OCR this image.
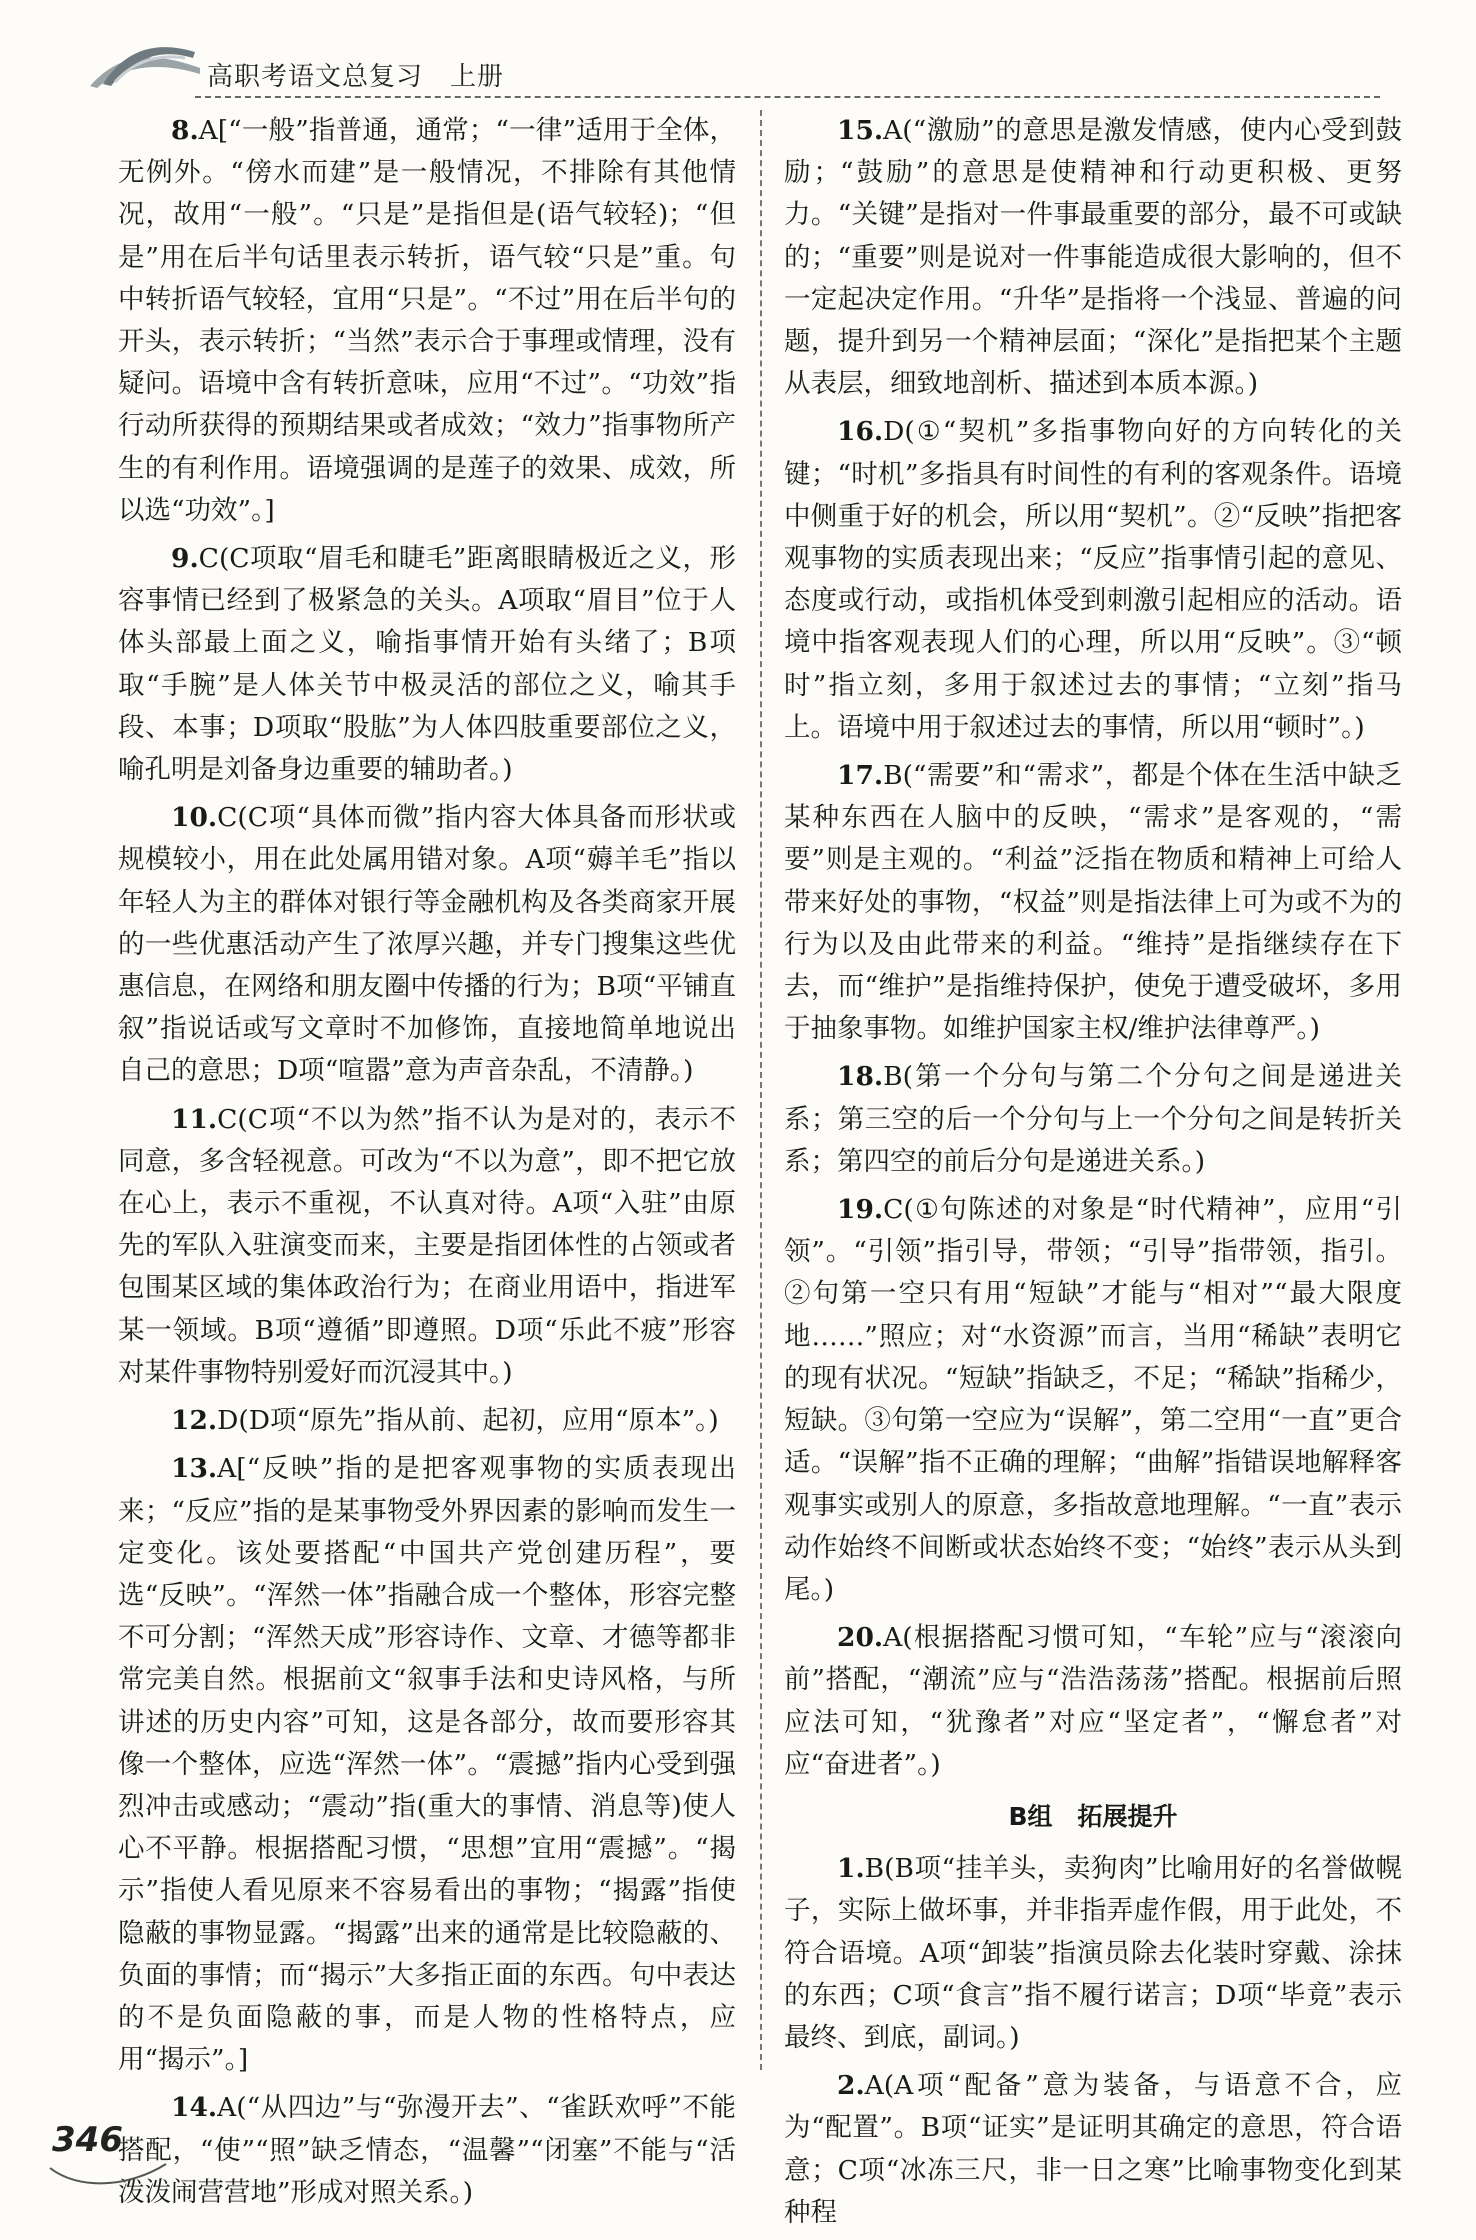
高职考语文总复习　上册

8.A[“一般”指普通，通常；“一律”适用于全体，无例外。“傍水而建”是一般情况，不排除有其他情况，故用“一般”。“只是”是指但是(语气较轻)；“但是”用在后半句话里表示转折，语气较“只是”重。句中转折语气较轻，宜用“只是”。“不过”用在后半句的开头，表示转折；“当然”表示合于事理或情理，没有疑问。语境中含有转折意味，应用“不过”。“功效”指行动所获得的预期结果或者成效；“效力”指事物所产生的有利作用。语境强调的是莲子的效果、成效，所以选“功效”。]

9.C(C项取“眉毛和睫毛”距离眼睛极近之义，形容事情已经到了极紧急的关头。A项取“眉目”位于人体头部最上面之义，喻指事情开始有头绪了；B项取“手腕”是人体关节中极灵活的部位之义，喻其手段、本事；D项取“股肱”为人体四肢重要部位之义，喻孔明是刘备身边重要的辅助者。)

10.C(C项“具体而微”指内容大体具备而形状或规模较小，用在此处属用错对象。A项“薅羊毛”指以年轻人为主的群体对银行等金融机构及各类商家开展的一些优惠活动产生了浓厚兴趣，并专门搜集这些优惠信息，在网络和朋友圈中传播的行为；B项“平铺直叙”指说话或写文章时不加修饰，直接地简单地说出自己的意思；D项“喧嚣”意为声音杂乱，不清静。)

11.C(C项“不以为然”指不认为是对的，表示不同意，多含轻视意。可改为“不以为意”，即不把它放在心上，表示不重视，不认真对待。A项“入驻”由原先的军队入驻演变而来，主要是指团体性的占领或者包围某区域的集体政治行为；在商业用语中，指进军某一领域。B项“遵循”即遵照。D项“乐此不疲”形容对某件事物特别爱好而沉浸其中。)

12.D(D项“原先”指从前、起初，应用“原本”。)

13.A[“反映”指的是把客观事物的实质表现出来；“反应”指的是某事物受外界因素的影响而发生一定变化。该处要搭配“中国共产党创建历程”，要选“反映”。“浑然一体”指融合成一个整体，形容完整不可分割；“浑然天成”形容诗作、文章、才德等都非常完美自然。根据前文“叙事手法和史诗风格，与所讲述的历史内容”可知，这是各部分，故而要形容其像一个整体，应选“浑然一体”。“震撼”指内心受到强烈冲击或感动；“震动”指(重大的事情、消息等)使人心不平静。根据搭配习惯，“思想”宜用“震撼”。“揭示”指使人看见原来不容易看出的事物；“揭露”指使隐蔽的事物显露。“揭露”出来的通常是比较隐蔽的、负面的事情；而“揭示”大多指正面的东西。句中表达的不是负面隐蔽的事，而是人物的性格特点，应用“揭示”。]

14.A(“从四边”与“弥漫开去”、“雀跃欢呼”不能搭配，“使”“照”缺乏情态，“温馨”“闭塞”不能与“活泼泼闹营营地”形成对照关系。)

15.A(“激励”的意思是激发情感，使内心受到鼓励；“鼓励”的意思是使精神和行动更积极、更努力。“关键”是指对一件事最重要的部分，最不可或缺的；“重要”则是说对一件事能造成很大影响的，但不一定起决定作用。“升华”是指将一个浅显、普遍的问题，提升到另一个精神层面；“深化”是指把某个主题从表层，细致地剖析、描述到本质本源。)

16.D(①“契机”多指事物向好的方向转化的关键；“时机”多指具有时间性的有利的客观条件。语境中侧重于好的机会，所以用“契机”。②“反映”指把客观事物的实质表现出来；“反应”指事情引起的意见、态度或行动，或指机体受到刺激引起相应的活动。语境中指客观表现人们的心理，所以用“反映”。③“顿时”指立刻，多用于叙述过去的事情；“立刻”指马上。语境中用于叙述过去的事情，所以用“顿时”。)

17.B(“需要”和“需求”，都是个体在生活中缺乏某种东西在人脑中的反映，“需求”是客观的，“需要”则是主观的。“利益”泛指在物质和精神上可给人带来好处的事物，“权益”则是指法律上可为或不为的行为以及由此带来的利益。“维持”是指继续存在下去，而“维护”是指维持保护，使免于遭受破坏，多用于抽象事物。如维护国家主权/维护法律尊严。)

18.B(第一个分句与第二个分句之间是递进关系；第三空的后一个分句与上一个分句之间是转折关系；第四空的前后分句是递进关系。)

19.C(①句陈述的对象是“时代精神”，应用“引领”。“引领”指引导，带领；“引导”指带领，指引。②句第一空只有用“短缺”才能与“相对”“最大限度地……”照应；对“水资源”而言，当用“稀缺”表明它的现有状况。“短缺”指缺乏，不足；“稀缺”指稀少，短缺。③句第一空应为“误解”，第二空用“一直”更合适。“误解”指不正确的理解；“曲解”指错误地解释客观事实或别人的原意，多指故意地理解。“一直”表示动作始终不间断或状态始终不变；“始终”表示从头到尾。)

20.A(根据搭配习惯可知，“车轮”应与“滚滚向前”搭配，“潮流”应与“浩浩荡荡”搭配。根据前后照应法可知，“犹豫者”对应“坚定者”，“懈怠者”对应“奋进者”。)

B组　拓展提升

1.B(B项“挂羊头，卖狗肉”比喻用好的名誉做幌子，实际上做坏事，并非指弄虚作假，用于此处，不符合语境。A项“卸装”指演员除去化装时穿戴、涂抹的东西；C项“食言”指不履行诺言；D项“毕竟”表示最终、到底，副词。)

2.A(A项“配备”意为装备，与语意不合，应为“配置”。B项“证实”是证明其确定的意思，符合语意；C项“冰冻三尺，非一日之寒”比喻事物变化到某种程

346
